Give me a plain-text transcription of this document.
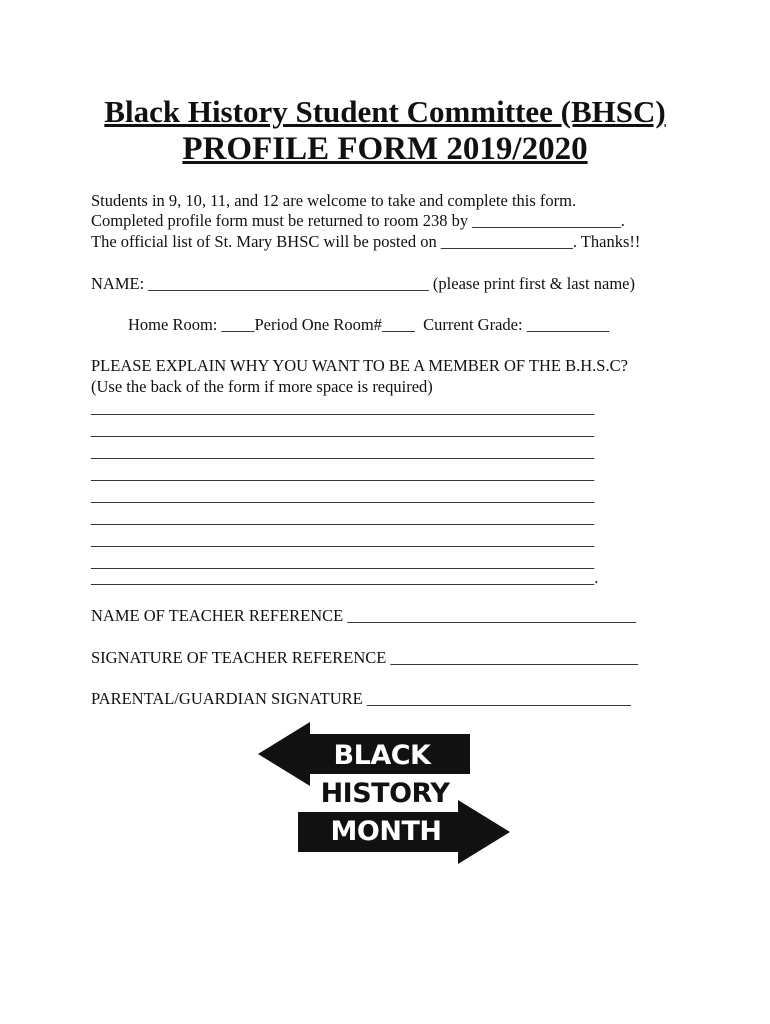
Black History Student Committee (BHSC)
PROFILE FORM 2019/2020
Students in 9, 10, 11, and 12 are welcome to take and complete this form.
Completed profile form must be returned to room 238 by __________________.
The official list of St. Mary BHSC will be posted on ________________. Thanks!!
NAME: __________________________________ (please print first & last name)
Home Room: ____Period One Room#____  Current Grade: __________
PLEASE EXPLAIN WHY YOU WANT TO BE A MEMBER OF THE B.H.S.C?
(Use the back of the form if more space is required)
_____________________________________________________________
_____________________________________________________________
_____________________________________________________________
_____________________________________________________________
_____________________________________________________________
_____________________________________________________________
_____________________________________________________________
_____________________________________________________________
_____________________________________________________________.
NAME OF TEACHER REFERENCE ___________________________________
SIGNATURE OF TEACHER REFERENCE ______________________________
PARENTAL/GUARDIAN SIGNATURE ________________________________
BLACK
HISTORY
MONTH
